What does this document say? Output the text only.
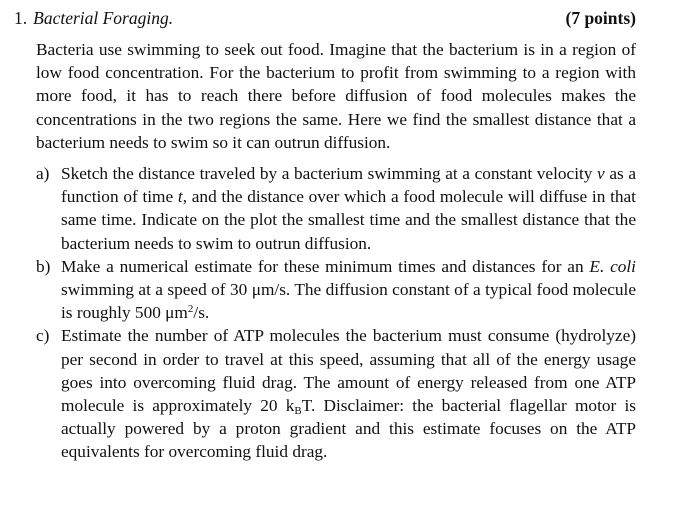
1. Bacterial Foraging.	(7 points)

Bacteria use swimming to seek out food. Imagine that the bacterium is in a region of low food concentration. For the bacterium to profit from swimming to a region with more food, it has to reach there before diffusion of food molecules makes the concentrations in the two regions the same. Here we find the smallest distance that a bacterium needs to swim so it can outrun diffusion.

a) Sketch the distance traveled by a bacterium swimming at a constant velocity v as a function of time t, and the distance over which a food molecule will diffuse in that same time. Indicate on the plot the smallest time and the smallest distance that the bacterium needs to swim to outrun diffusion.
b) Make a numerical estimate for these minimum times and distances for an E. coli swimming at a speed of 30 μm/s. The diffusion constant of a typical food molecule is roughly 500 $\mu m^2/s$.
c) Estimate the number of ATP molecules the bacterium must consume (hydrolyze) per second in order to travel at this speed, assuming that all of the energy usage goes into overcoming fluid drag. The amount of energy released from one ATP molecule is approximately 20 $k_BT$. Disclaimer: the bacterial flagellar motor is actually powered by a proton gradient and this estimate focuses on the ATP equivalents for overcoming fluid drag.
